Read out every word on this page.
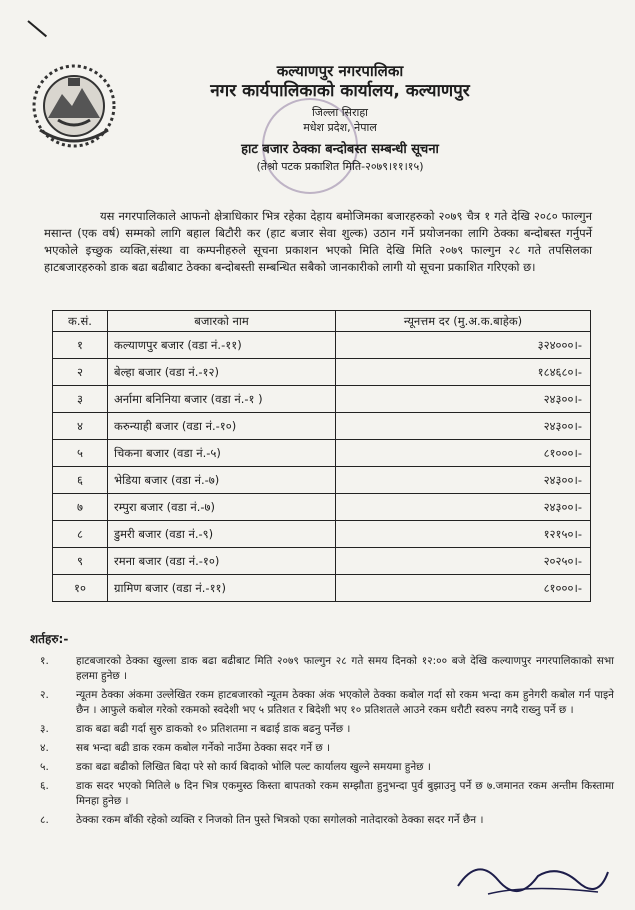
कल्याणपुर नगरपालिका

नगर कार्यपालिकाको कार्यालय, कल्याणपुर

जिल्ला सिराहा

मधेश प्रदेश, नेपाल

हाट बजार ठेक्का बन्दोबस्त सम्बन्धी सूचना

(तेश्रो पटक प्रकाशित मिति-२०७९।११।१५)

यस नगरपालिकाले आफनो क्षेत्राधिकार भित्र रहेका देहाय बमोजिमका बजारहरुको २०७९ चैत्र १ गते देखि २०८० फाल्गुन मसान्त (एक वर्ष) सम्मको लागि बहाल बिटौरी कर (हाट बजार सेवा शुल्क) उठान गर्ने प्रयोजनका लागि ठेक्का बन्दोबस्त गर्नुपर्ने भएकोले इच्छुक व्यक्ति,संस्था वा कम्पनीहरुले सूचना प्रकाशन भएको मिति देखि मिति २०७९ फाल्गुन २८ गते तपसिलका हाटबजारहरुको डाक बढा बढीबाट ठेक्का बन्दोबस्ती सम्बन्धित सबैको जानकारीको लागी यो सूचना प्रकाशित गरिएको छ।

क.सं.	बजारको नाम	न्यूनत्तम दर (मु.अ.क.बाहेक)
१	कल्याणपुर बजार (वडा नं.-११)	३२४०००।-
२	बेल्हा बजार (वडा नं.-१२)	१८४६८०।-
३	अर्नामा बनिनिया बजार (वडा नं.-१ )	२४३००।-
४	करुन्याही बजार (वडा नं.-१०)	२४३००।-
५	चिकना बजार (वडा नं.-५)	८१०००।-
६	भेडिया बजार (वडा नं.-७)	२४३००।-
७	रम्पुरा बजार (वडा नं.-७)	२४३००।-
८	डुमरी बजार (वडा नं.-९)	१२१५०।-
९	रमना बजार (वडा नं.-१०)	२०२५०।-
१०	ग्रामिण बजार (वडा नं.-११)	८१०००।-
शर्तहरु:-
१.	हाटबजारको ठेक्का खुल्ला डाक बढा बढीबाट मिति २०७९ फाल्गुन २८ गते समय दिनको १२:०० बजे देखि कल्याणपुर नगरपालिकाको सभा हलमा हुनेछ ।
२.	न्यूतम ठेक्का अंकमा उल्लेखित रकम हाटबजारको न्यूतम ठेक्का अंक भएकोले ठेक्का कबोल गर्दा सो रकम भन्दा कम हुनेगरी कबोल गर्न पाइने छैन । आफुले कबोल गरेको रकमको स्वदेशी भए ५ प्रतिशत र बिदेशी भए १० प्रतिशतले आउने रकम धरौटी स्वरुप नगदै राख्नु पर्ने छ ।
३.	डाक बढा बढी गर्दा सुरु डाकको १० प्रतिशतमा न बढाई डाक बढनु पर्नेछ ।
४.	सब भन्दा बढी डाक रकम कबोल गर्नेको नाउँमा ठेक्का सदर गर्ने छ ।
५.	डका बढा बढीको लिखित बिदा परे सो कार्य बिदाको भोलि पल्ट कार्यालय खुल्ने समयमा हुनेछ ।
६.	डाक सदर भएको मितिले ७ दिन भित्र एकमुस्ठ किस्ता बापतको रकम सम्झौता हुनुभन्दा पुर्व बुझाउनु पर्ने छ ७.जमानत रकम अन्तीम किस्तामा मिनहा हुनेछ ।
८.	ठेक्का रकम बाँकी रहेको व्यक्ति र निजको तिन पुस्ते भित्रको एका सगोलको नातेदारको ठेक्का सदर गर्ने छैन ।
